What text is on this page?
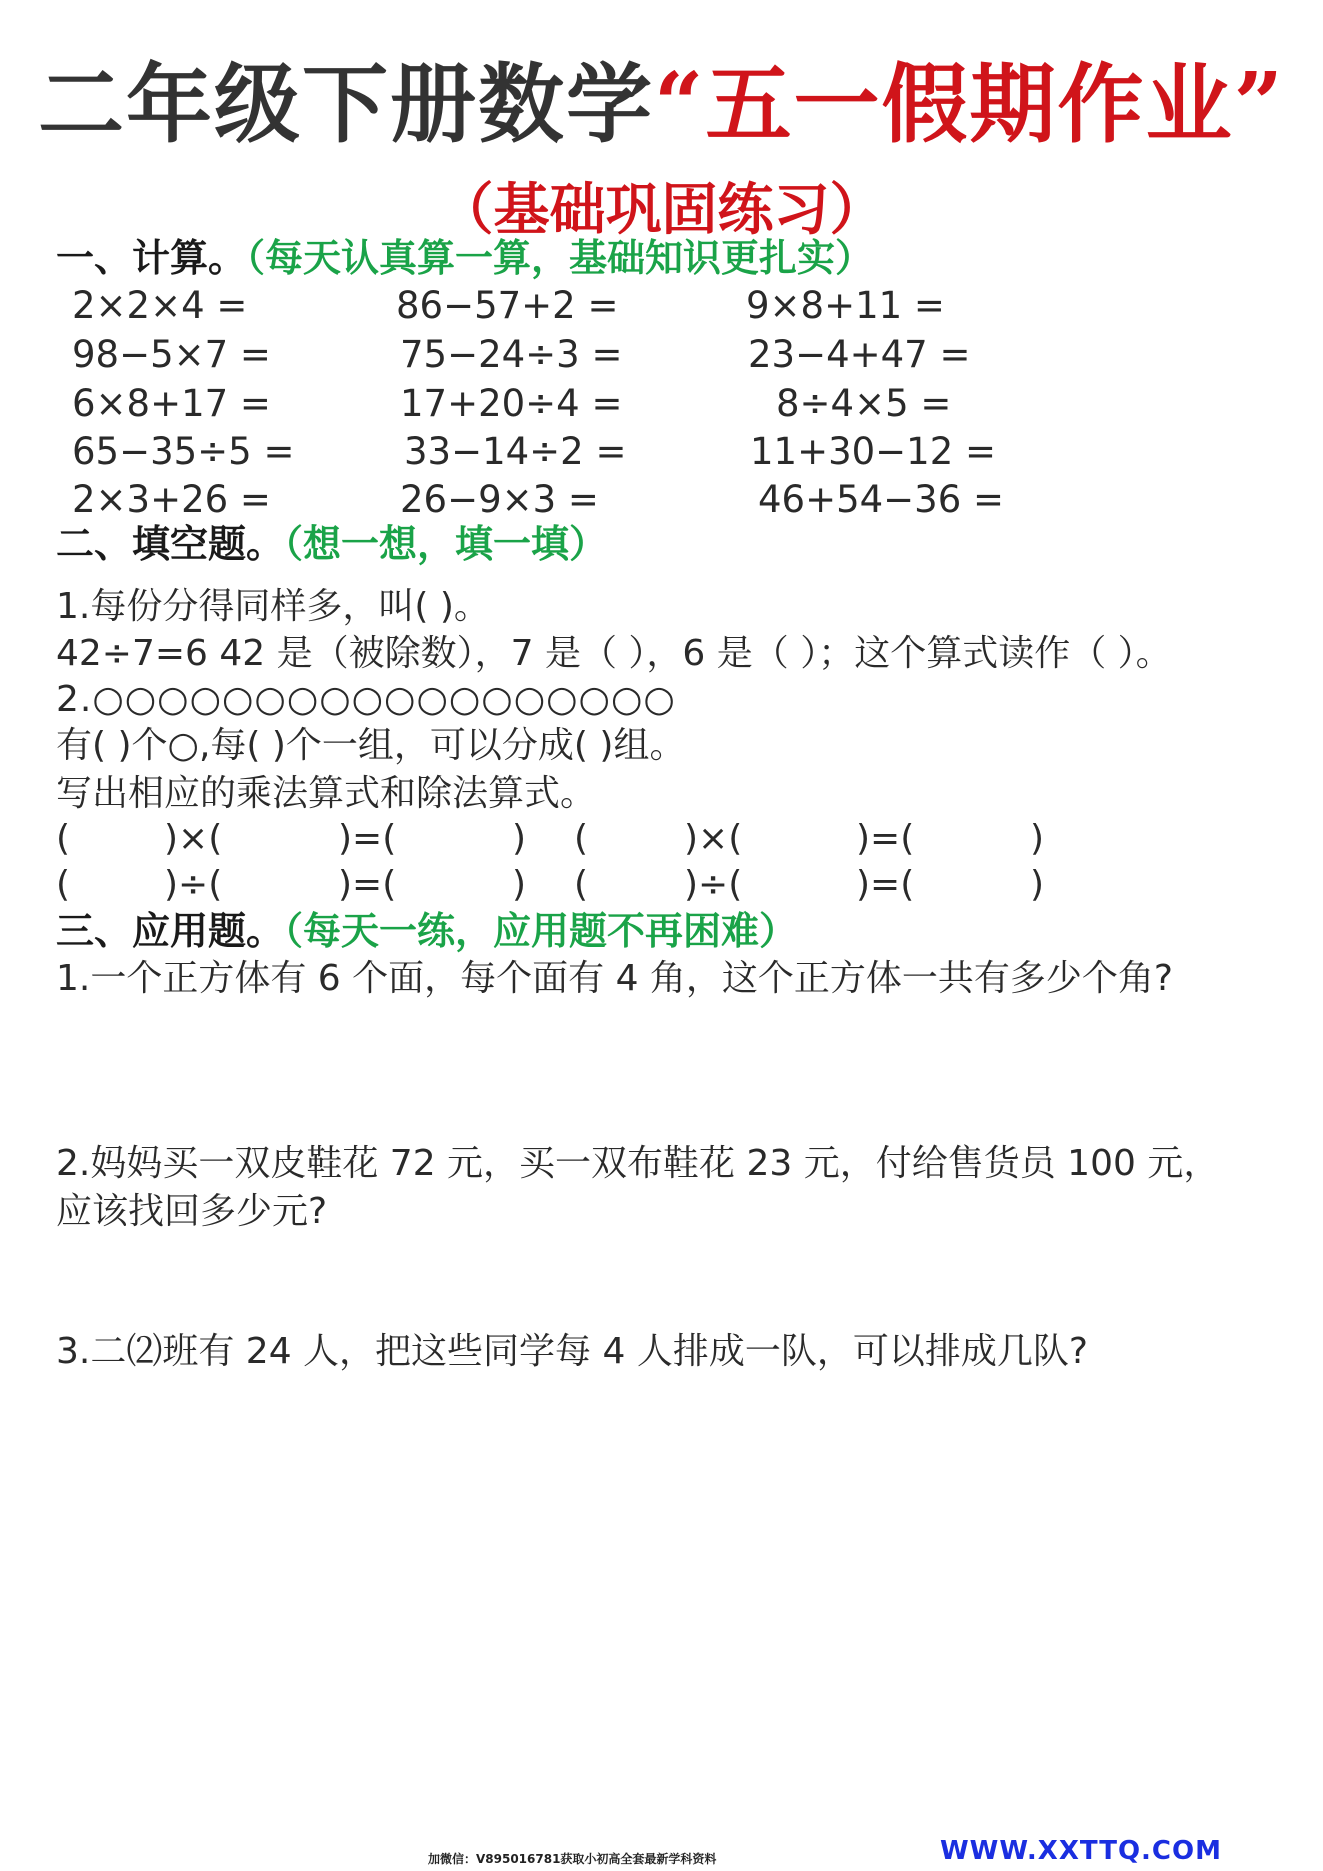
二年级下册数学“五一假期作业”
（基础巩固练习）
一、计算。（每天认真算一算，基础知识更扎实）
2×2×4 =	86−57+2 =	9×8+11 =
98−5×7 =	75−24÷3 =	23−4+47 =
6×8+17 =	17+20÷4 =	8÷4×5 =
65−35÷5 =	33−14÷2 =	11+30−12 =
2×3+26 =	26−9×3 =	46+54−36 =
二、填空题。（想一想，填一填）
1.每份分得同样多，叫( )。
42÷7=6 42 是（被除数），7 是（ ），6 是（ ）；这个算式读作（ ）。
2.○○○○○○○○○○○○○○○○○○
有( )个○,每( )个一组，可以分成( )组。
写出相应的乘法算式和除法算式。
(	)×(	)=(	) (	)×(	)=(	)
(	)÷(	)=(	) (	)÷(	)=(	)
三、应用题。（每天一练，应用题不再困难）
1.一个正方体有 6 个面，每个面有 4 角，这个正方体一共有多少个角?
2.妈妈买一双皮鞋花 72 元，买一双布鞋花 23 元，付给售货员 100 元，
应该找回多少元?
3.二⑵班有 24 人，把这些同学每 4 人排成一队，可以排成几队?
加微信：V895016781获取小初高全套最新学科资料	WWW.XXTTQ.COM
